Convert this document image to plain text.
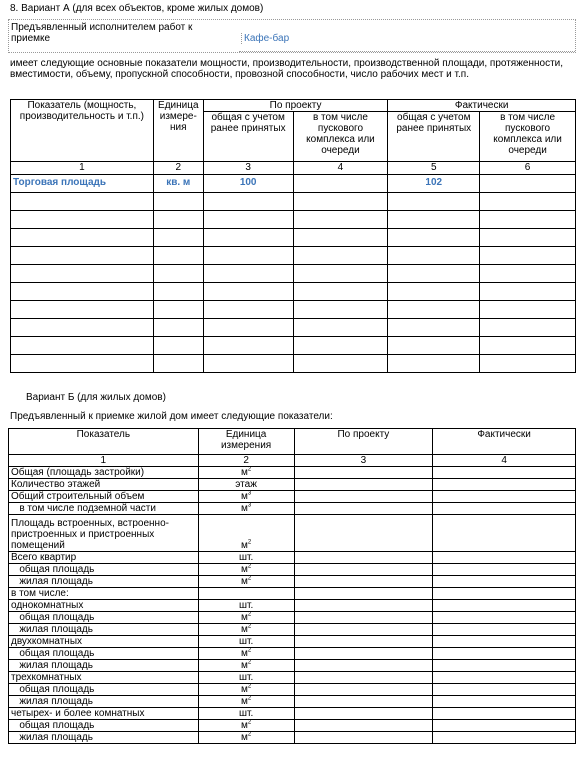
8. Вариант А (для всех объектов, кроме жилых домов)
Предъявленный исполнителем работ к приемке	Кафе-бар
имеет следующие основные показатели мощности, производительности, производственной площади, протяженности, вместимости, объему, пропускной способности, провозной способности, число рабочих мест и т.п.
Показатель (мощность, производительность и т.п.)	Единица измере-ния	По проекту		Фактически	
		общая с учетом ранее принятых	в том числе пускового комплекса или очереди	общая с учетом ранее принятых	в том числе пускового комплекса или очереди
1	2	3	4	5	6
Торговая площадь	кв. м	100		102	

Вариант Б (для жилых домов)
Предъявленный к приемке жилой дом имеет следующие показатели:
Показатель	Единица измерения	По проекту	Фактически
1	2	3	4
Общая (площадь застройки)	$м^2$		
Количество этажей	этаж		
Общий строительный объем	$м^3$		
в том числе подземной части	$м^3$		
Площадь встроенных, встроенно-пристроенных и пристроенных помещений	$м^2$		
Всего квартир	шт.		
общая площадь	$м^2$		
жилая площадь	$м^2$		
в том числе:			
однокомнатных	шт.		
общая площадь	$м^2$		
жилая площадь	$м^2$		
двухкомнатных	шт.		
общая площадь	$м^2$		
жилая площадь	$м^2$		
трехкомнатных	шт.		
общая площадь	$м^2$		
жилая площадь	$м^2$		
четырех- и более комнатных	шт.		
общая площадь	$м^2$		
жилая площадь	$м^2$		
